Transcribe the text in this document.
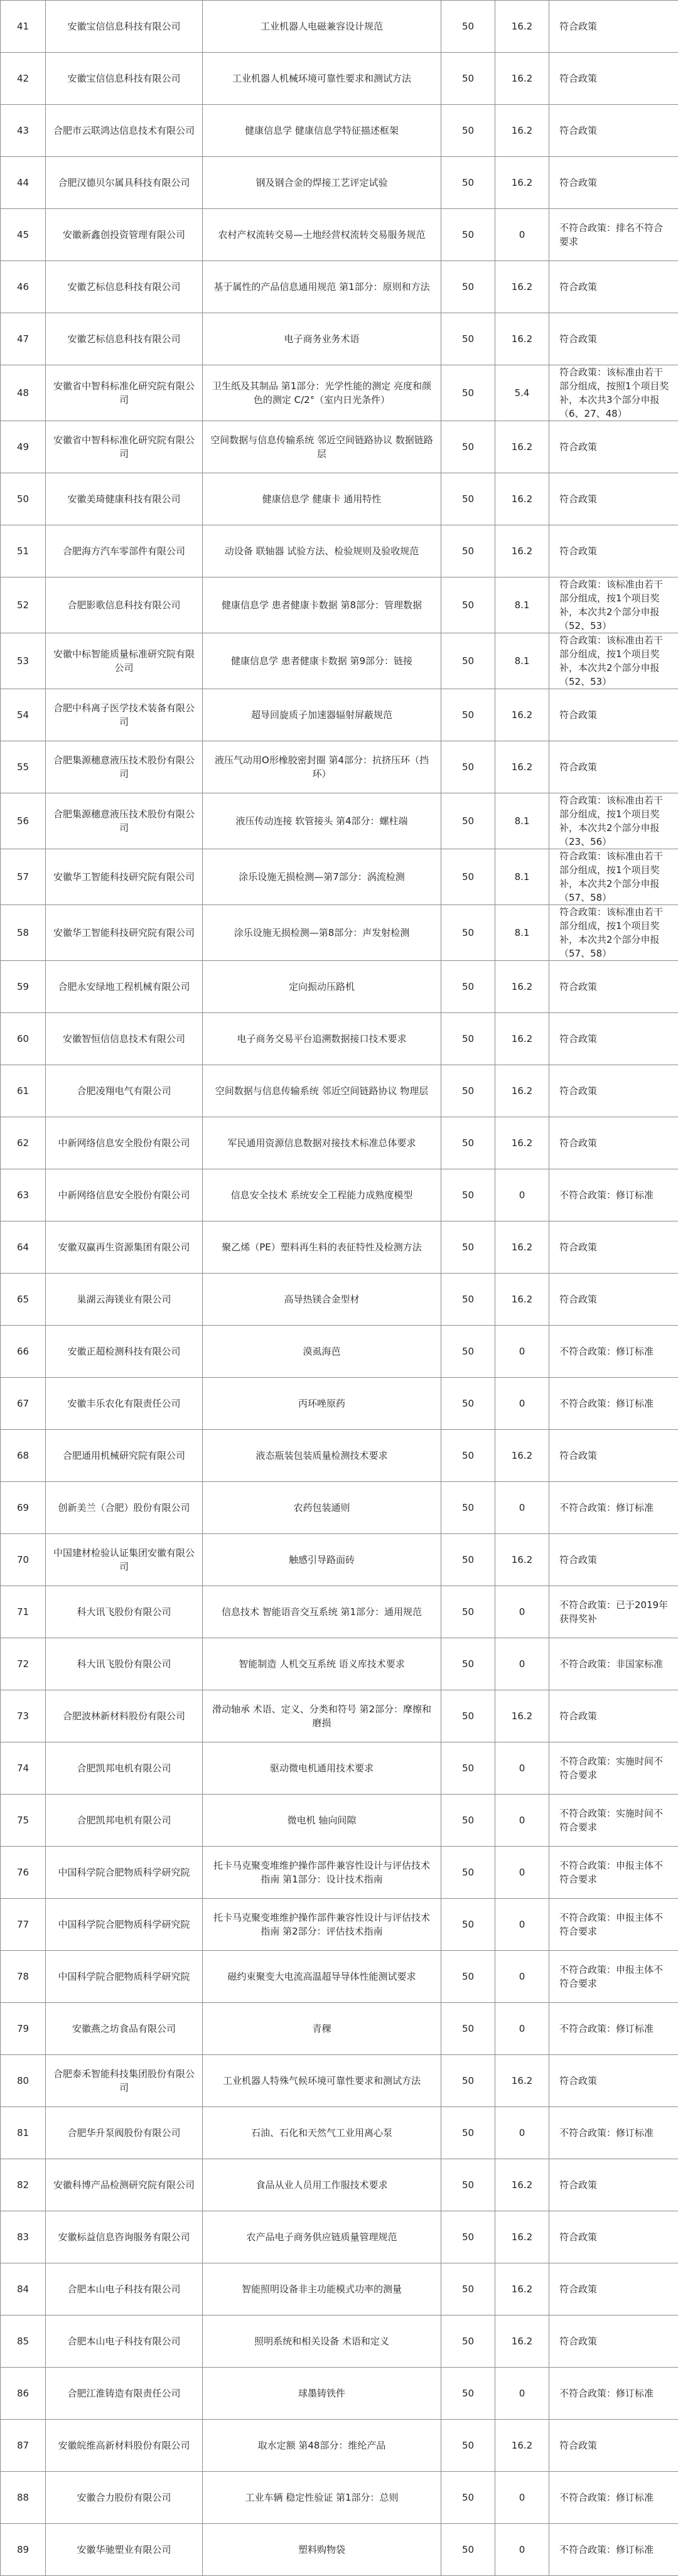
41	安徽宝信信息科技有限公司	工业机器人电磁兼容设计规范	50	16.2	符合政策
42	安徽宝信信息科技有限公司	工业机器人机械环境可靠性要求和测试方法	50	16.2	符合政策
43	合肥市云联鸿达信息技术有限公司	健康信息学 健康信息学特征描述框架	50	16.2	符合政策
44	合肥汉德贝尔属具科技有限公司	钢及钢合金的焊接工艺评定试验	50	16.2	符合政策
45	安徽新鑫创投资管理有限公司	农村产权流转交易—土地经营权流转交易服务规范	50	0	不符合政策：排名不符合要求
46	安徽艺标信息科技有限公司	基于属性的产品信息通用规范 第1部分：原则和方法	50	16.2	符合政策
47	安徽艺标信息科技有限公司	电子商务业务术语	50	16.2	符合政策
48	安徽省中智科标准化研究院有限公司	卫生纸及其制品 第1部分：光学性能的测定 亮度和颜色的测定 C/2°（室内日光条件）	50	5.4	符合政策：该标准由若干部分组成，按照1个项目奖补，本次共3个部分申报（6、27、48）
49	安徽省中智科标准化研究院有限公司	空间数据与信息传输系统 邻近空间链路协议 数据链路层	50	16.2	符合政策
50	安徽美琦健康科技有限公司	健康信息学 健康卡 通用特性	50	16.2	符合政策
51	合肥海方汽车零部件有限公司	动设备 联轴器 试验方法、检验规则及验收规范	50	16.2	符合政策
52	合肥影歌信息科技有限公司	健康信息学 患者健康卡数据 第8部分：管理数据	50	8.1	符合政策：该标准由若干部分组成，按1个项目奖补，本次共2个部分申报（52、53）
53	安徽中标智能质量标准研究院有限公司	健康信息学 患者健康卡数据 第9部分：链接	50	8.1	符合政策：该标准由若干部分组成，按1个项目奖补，本次共2个部分申报（52、53）
54	合肥中科离子医学技术装备有限公司	超导回旋质子加速器辐射屏蔽规范	50	16.2	符合政策
55	合肥集源穗意液压技术股份有限公司	液压气动用O形橡胶密封圈 第4部分：抗挤压环（挡环）	50	16.2	符合政策
56	合肥集源穗意液压技术股份有限公司	液压传动连接 软管接头 第4部分：螺柱端	50	8.1	符合政策：该标准由若干部分组成，按1个项目奖补，本次共2个部分申报（23、56）
57	安徽华工智能科技研究院有限公司	涂乐设施无损检测—第7部分：涡流检测	50	8.1	符合政策：该标准由若干部分组成，按1个项目奖补，本次共2个部分申报（57、58）
58	安徽华工智能科技研究院有限公司	涂乐设施无损检测—第8部分：声发射检测	50	8.1	符合政策：该标准由若干部分组成，按1个项目奖补，本次共2个部分申报（57、58）
59	合肥永安绿地工程机械有限公司	定向振动压路机	50	16.2	符合政策
60	安徽智恒信信息技术有限公司	电子商务交易平台追溯数据接口技术要求	50	16.2	符合政策
61	合肥凌翔电气有限公司	空间数据与信息传输系统 邻近空间链路协议 物理层	50	16.2	符合政策
62	中新网络信息安全股份有限公司	军民通用资源信息数据对接技术标准总体要求	50	16.2	符合政策
63	中新网络信息安全股份有限公司	信息安全技术 系统安全工程能力成熟度模型	50	0	不符合政策：修订标准
64	安徽双赢再生资源集团有限公司	聚乙烯（PE）塑料再生料的表征特性及检测方法	50	16.2	符合政策
65	巢湖云海镁业有限公司	高导热镁合金型材	50	16.2	符合政策
66	安徽正超检测科技有限公司	漠虱海芭	50	0	不符合政策：修订标准
67	安徽丰乐农化有限责任公司	丙环唑原药	50	0	不符合政策：修订标准
68	合肥通用机械研究院有限公司	液态瓶装包装质量检测技术要求	50	16.2	符合政策
69	创新美兰（合肥）股份有限公司	农药包装通则	50	0	不符合政策：修订标准
70	中国建材检验认证集团安徽有限公司	触感引导路面砖	50	16.2	符合政策
71	科大讯飞股份有限公司	信息技术 智能语音交互系统 第1部分：通用规范	50	0	不符合政策：已于2019年获得奖补
72	科大讯飞股份有限公司	智能制造 人机交互系统 语义库技术要求	50	0	不符合政策：非国家标准
73	合肥波林新材料股份有限公司	滑动轴承 术语、定义、分类和符号 第2部分：摩擦和磨损	50	16.2	符合政策
74	合肥凯邦电机有限公司	驱动微电机通用技术要求	50	0	不符合政策：实施时间不符合要求
75	合肥凯邦电机有限公司	微电机 轴向间隙	50	0	不符合政策：实施时间不符合要求
76	中国科学院合肥物质科学研究院	托卡马克聚变堆维护操作部件兼容性设计与评估技术指南 第1部分：设计技术指南	50	0	不符合政策：申报主体不符合要求
77	中国科学院合肥物质科学研究院	托卡马克聚变堆维护操作部件兼容性设计与评估技术指南 第2部分：评估技术指南	50	0	不符合政策：申报主体不符合要求
78	中国科学院合肥物质科学研究院	磁约束聚变大电流高温超导导体性能测试要求	50	0	不符合政策：申报主体不符合要求
79	安徽燕之坊食品有限公司	青稞	50	0	不符合政策：修订标准
80	合肥泰禾智能科技集团股份有限公司	工业机器人特殊气候环境可靠性要求和测试方法	50	16.2	符合政策
81	合肥华升泵阀股份有限公司	石油、石化和天然气工业用离心泵	50	0	不符合政策：修订标准
82	安徽科博产品检测研究院有限公司	食品从业人员用工作服技术要求	50	16.2	符合政策
83	安徽标益信息咨询服务有限公司	农产品电子商务供应链质量管理规范	50	16.2	符合政策
84	合肥本山电子科技有限公司	智能照明设备非主功能模式功率的测量	50	16.2	符合政策
85	合肥本山电子科技有限公司	照明系统和相关设备 术语和定义	50	16.2	符合政策
86	合肥江淮铸造有限责任公司	球墨铸铁件	50	0	不符合政策：修订标准
87	安徽皖维高新材料股份有限公司	取水定额 第48部分：维纶产品	50	16.2	符合政策
88	安徽合力股份有限公司	工业车辆 稳定性验证 第1部分：总则	50	0	不符合政策：修订标准
89	安徽华驰塑业有限公司	塑料购物袋	50	0	不符合政策：修订标准
